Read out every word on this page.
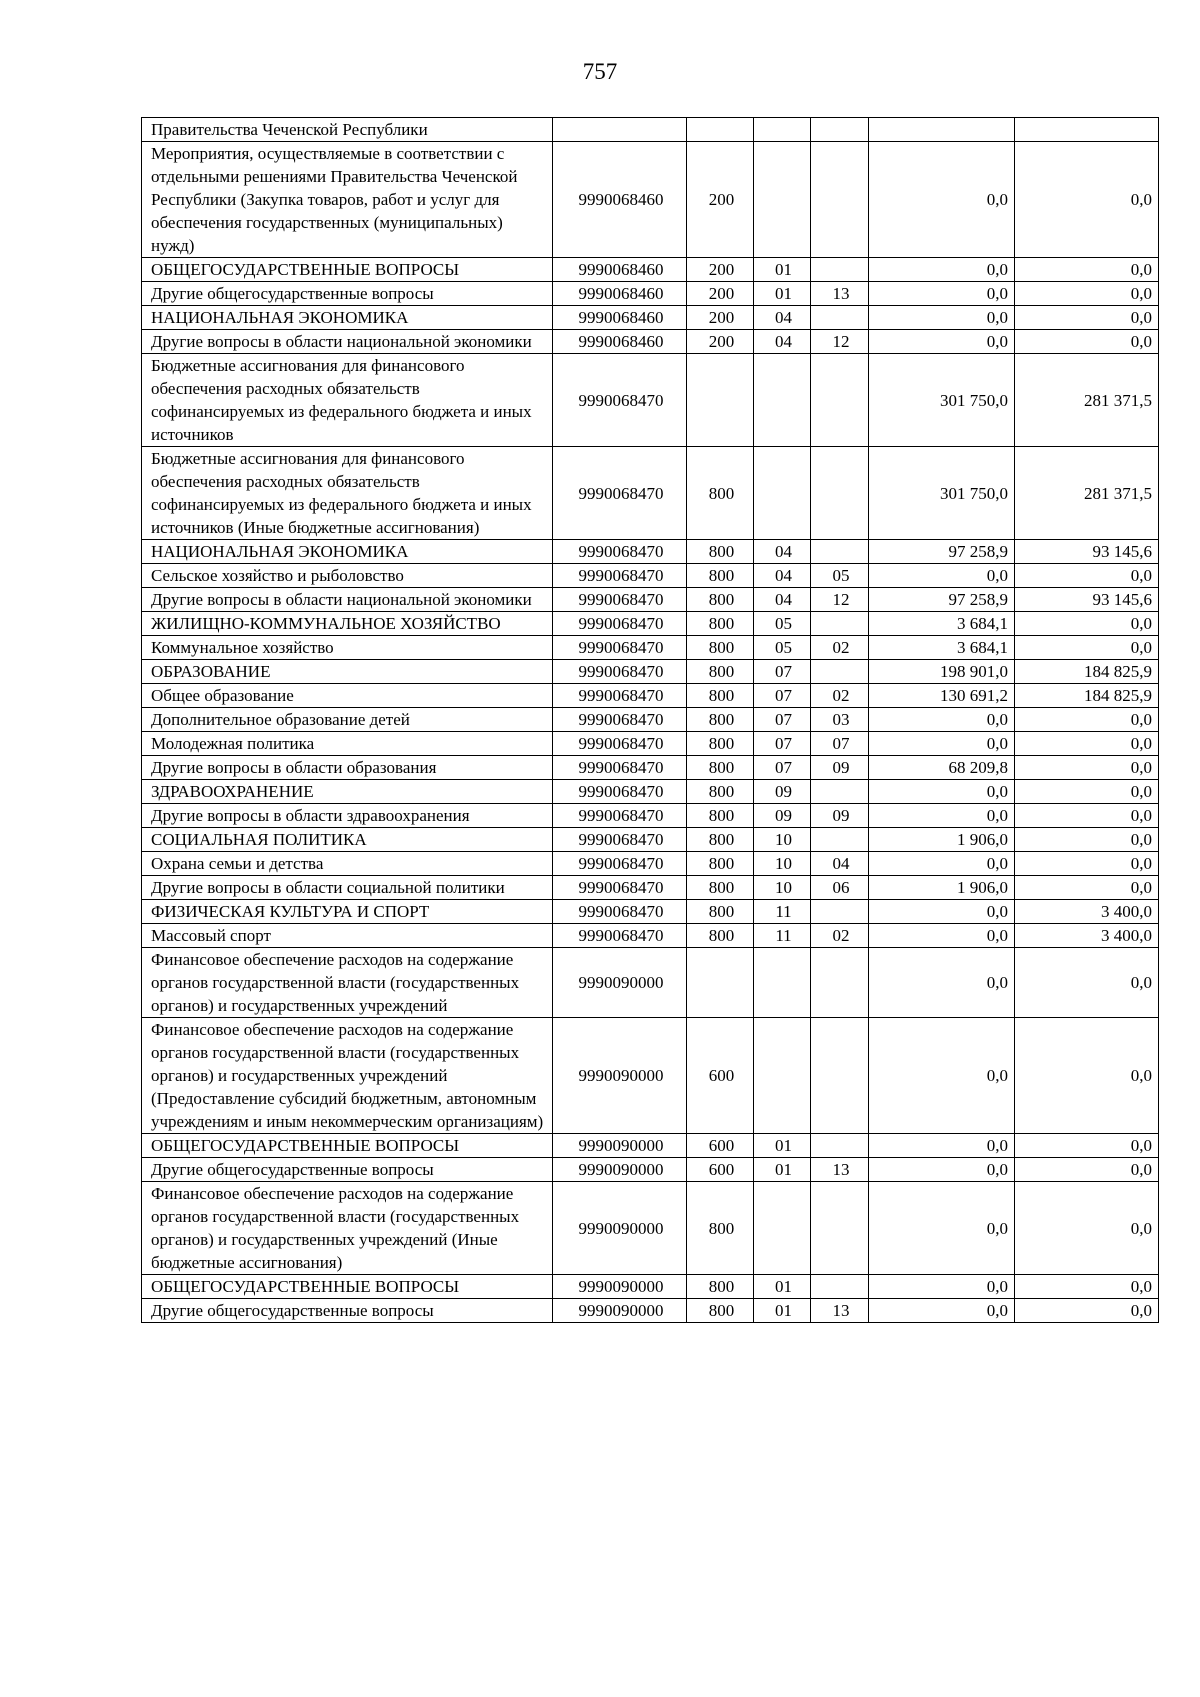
757
Правительства Чеченской Республики						
Мероприятия, осуществляемые в соответствии с отдельными решениями Правительства Чеченской Республики (Закупка товаров, работ и услуг для обеспечения государственных (муниципальных) нужд)	9990068460	200			0,0	0,0
ОБЩЕГОСУДАРСТВЕННЫЕ ВОПРОСЫ	9990068460	200	01		0,0	0,0
Другие общегосударственные вопросы	9990068460	200	01	13	0,0	0,0
НАЦИОНАЛЬНАЯ ЭКОНОМИКА	9990068460	200	04		0,0	0,0
Другие вопросы в области национальной экономики	9990068460	200	04	12	0,0	0,0
Бюджетные ассигнования для финансового обеспечения расходных обязательств софинансируемых из федерального бюджета и иных источников	9990068470				301 750,0	281 371,5
Бюджетные ассигнования для финансового обеспечения расходных обязательств софинансируемых из федерального бюджета и иных источников (Иные бюджетные ассигнования)	9990068470	800			301 750,0	281 371,5
НАЦИОНАЛЬНАЯ ЭКОНОМИКА	9990068470	800	04		97 258,9	93 145,6
Сельское хозяйство и рыболовство	9990068470	800	04	05	0,0	0,0
Другие вопросы в области национальной экономики	9990068470	800	04	12	97 258,9	93 145,6
ЖИЛИЩНО-КОММУНАЛЬНОЕ ХОЗЯЙСТВО	9990068470	800	05		3 684,1	0,0
Коммунальное хозяйство	9990068470	800	05	02	3 684,1	0,0
ОБРАЗОВАНИЕ	9990068470	800	07		198 901,0	184 825,9
Общее образование	9990068470	800	07	02	130 691,2	184 825,9
Дополнительное образование детей	9990068470	800	07	03	0,0	0,0
Молодежная политика	9990068470	800	07	07	0,0	0,0
Другие вопросы в области образования	9990068470	800	07	09	68 209,8	0,0
ЗДРАВООХРАНЕНИЕ	9990068470	800	09		0,0	0,0
Другие вопросы в области здравоохранения	9990068470	800	09	09	0,0	0,0
СОЦИАЛЬНАЯ ПОЛИТИКА	9990068470	800	10		1 906,0	0,0
Охрана семьи и детства	9990068470	800	10	04	0,0	0,0
Другие вопросы в области социальной политики	9990068470	800	10	06	1 906,0	0,0
ФИЗИЧЕСКАЯ КУЛЬТУРА И СПОРТ	9990068470	800	11		0,0	3 400,0
Массовый спорт	9990068470	800	11	02	0,0	3 400,0
Финансовое обеспечение расходов на содержание органов государственной власти (государственных органов) и государственных учреждений	9990090000				0,0	0,0
Финансовое обеспечение расходов на содержание органов государственной власти (государственных органов) и государственных учреждений (Предоставление субсидий бюджетным, автономным учреждениям и иным некоммерческим организациям)	9990090000	600			0,0	0,0
ОБЩЕГОСУДАРСТВЕННЫЕ ВОПРОСЫ	9990090000	600	01		0,0	0,0
Другие общегосударственные вопросы	9990090000	600	01	13	0,0	0,0
Финансовое обеспечение расходов на содержание органов государственной власти (государственных органов) и государственных учреждений (Иные бюджетные ассигнования)	9990090000	800			0,0	0,0
ОБЩЕГОСУДАРСТВЕННЫЕ ВОПРОСЫ	9990090000	800	01		0,0	0,0
Другие общегосударственные вопросы	9990090000	800	01	13	0,0	0,0
